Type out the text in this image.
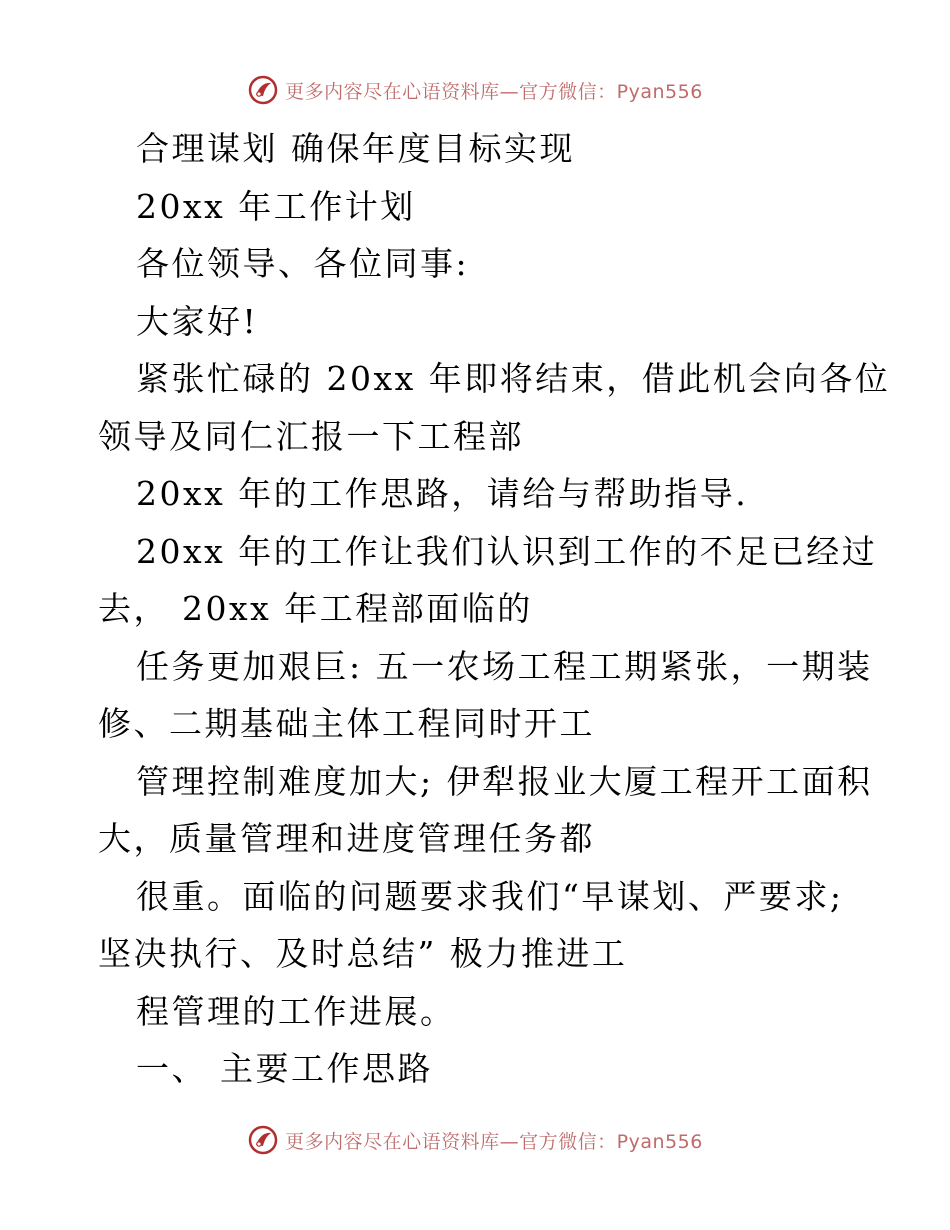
更多内容尽在心语资料库—官方微信：Pyan556
合理谋划 确保年度目标实现
20xx 年工作计划
各位领导、各位同事:
大家好!
紧张忙碌的 20xx 年即将结束，借此机会向各位
领导及同仁汇报一下工程部
20xx 年的工作思路，请给与帮助指导.
20xx 年的工作让我们认识到工作的不足已经过
去， 20xx 年工程部面临的
任务更加艰巨: 五一农场工程工期紧张，一期装
修、二期基础主体工程同时开工
管理控制难度加大; 伊犁报业大厦工程开工面积
大，质量管理和进度管理任务都
很重。面临的问题要求我们“早谋划、严要求;
坚决执行、及时总结” 极力推进工
程管理的工作进展。
一、 主要工作思路
更多内容尽在心语资料库—官方微信：Pyan556
